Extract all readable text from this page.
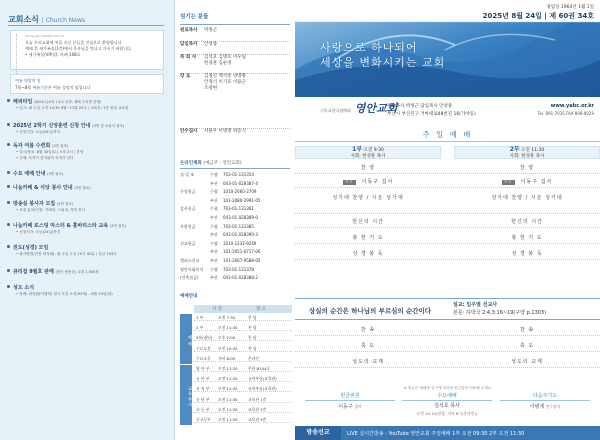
교회소식 | Church News
Young-Ahn Baptist Church
오늘 우리교회에 처음 오신 분들을 진심으로 환영합니다
예배 후 새가족실(1층)에서 목사님을 만나고 가시기 바랍니다
• 새가족실(VIP실): 카페 108호
여름 명랑의 달
7월~8월 여름기간은 여름 성장의 달입니다
해피타임 (8/24주)교육 / 4주 과정, 예배 주차별 진행)
• 일시: 매 주일 오전 10:30 9월~11월 25주 / 교육부: 1층 중강 교육관
2025년 2학기 신앙훈련 신청 안내 (3번 및 보류서 참조)
• 신청기간: 오늘(24일)까지
독자 여름 수련회 (3번 참조)
• 일시/장소: 8월 30일(토) 오후 2시 / 본당
• 주제: 독자가 즐거워야 독자가 산다
수요 예배 안내 (3번 참조)
나눔카페 & 식당 봉사 안내 (3번 참조)
방송실 봉사자 모집 (3번 참조)
• 모집 분야/인원: 카메라, 스위치, 자막 봉사
나눔카페 로스팅 마스터 & 홈바리스타 교육 (3번 참조)
• 신청기간: 오늘(24일)까지
권도(성경) 모임
• 참가방법(전경 바자회): 매 주일 오전 10시 40분 / 본관 103호
큐티집 9월호 판매 (할인 쌈용본) 교재 2,500원
성도 소식
• 장례: 최현원(이행재) 집사 모친 소천(92세) – 8월 19일(화)
섬기는 분들
원로목사	박정근
담임목사	안성종
목 회 자	김석호 김병호 이우림
한경훈 김순영
장 로	김정길 백석중 양영왕
안경식 이기호 이용근
조광현
안수집사	서용우 이병재 하동식
온라인계좌 (예금주 : 영안교회)
십 일 조	수협	703-01-131354
부산	043-01-028387-4
주정헌금	수협	1010-2660-2709
부산	101-2080-2991-05
감사헌금	수협	703-01-131361
부산	043-01-028389-0
사랑헌금	수협	703-01-131385
부산	043-01-028390-3
선교헌금	수협	1010-1232-9249
부산	101-2051-6717-06
캠퍼스선교	부산	101-2067-9588-05
영안사회복지	수협	703-01-131378
(건축헌금)	부산	043-01-028388-2
예배안내
시 간	장 소
예배
교육부서
1 부	오전 7:30	본 당
2 부	오전 11:30	본 당
3부(청년) 오후 2:00	본 당
수요오전 오전 10:30	본 당
수요오후 저녁 8:00	온라인
영 아 부 오전 11:30	본관 B104호
유 아 부 오전 11:30	유아부실(교육관)
유 치 부 오전 11:30	유치부실(교육관)
유 년 부 오전 11:30	교육관 1층
초 등 부 오전 11:30	교육관 2층
중고등부 오전 11:30	교육관 3층
창립일 1964년 1월 1일
2025년 8월 24일 | 제 60권 34호
사랑으로 하나되어
세상을 변화시키는 교회
기독교한국침례회 영안교회
원로목사 박정근 담임목사 안성종
부산시 부산진구 거마대로48번길 16(가야동)
www.yabc.or.kr
Tel. 891-7035 FAX 898-9029
주 일 예 배
1부 오전 9:30
사회: 한경훈 목사
2부 오전 11:30
사회: 한경훈 목사
찬 양	찬 양
기도 이동구 집사	기도 이동구 집사
성가대 찬양 / 시온 성가대	성가대 찬양 / 시온 성가대
헌신의 시간	헌신의 시간
봉 헌 기 도	봉 헌 기 도
성 경 봉 독	성 경 봉 독
상실의 순간은 하나님의 부르심의 순간이다
설교: 임우열 선교사
본문: 하박국 2:4,3:16~19(구약 p.1303)
찬 송	찬 송
축 도	축 도
성도의 교제	성도의 교제
※ 헌금은 예배당 입구에 마련된 헌금함을 이용해 주세요
헌금위원
이동구 집사
수요예배
김석호 목사
오전 10:10(현장, 저녁 8시(온라인))
다음주기도
이병재 안수집사
방송선교	LIVE 실시간방송 : YouTube 영안교회 주일예배 1부 오전 09:30 2부 오전 11:30
